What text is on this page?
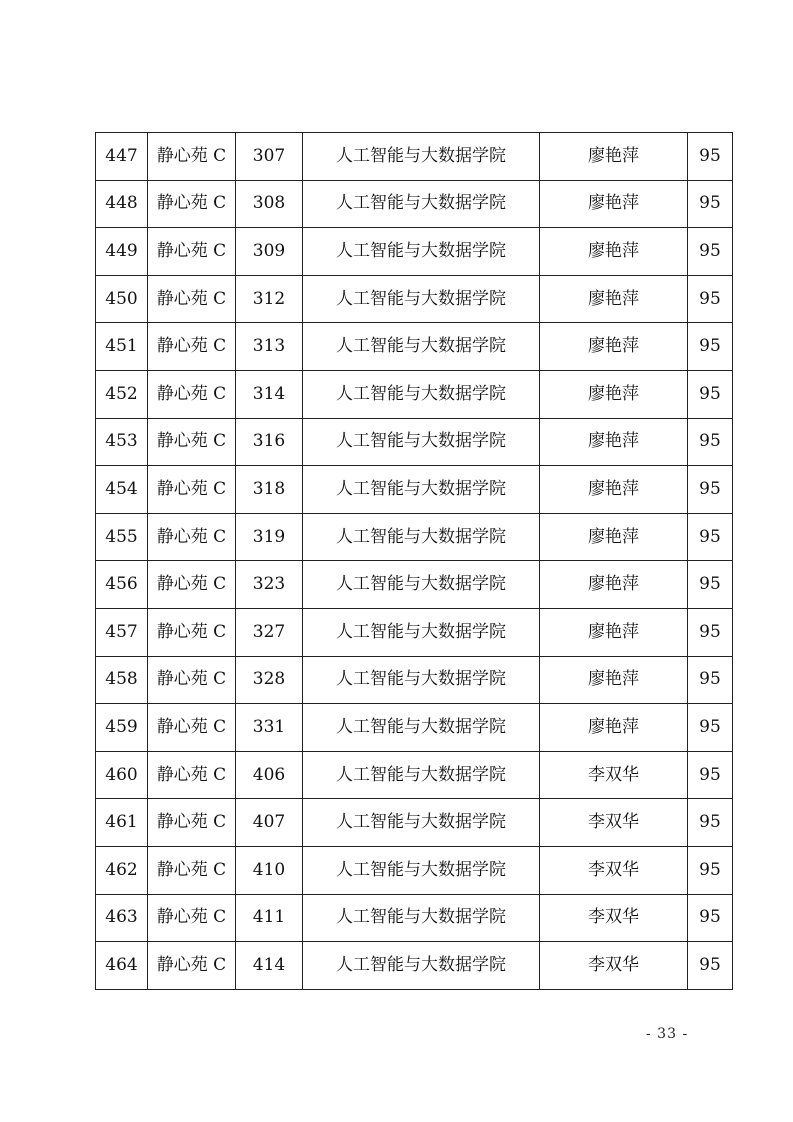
447	静心苑 C	307	人工智能与大数据学院	廖艳萍	95
448	静心苑 C	308	人工智能与大数据学院	廖艳萍	95
449	静心苑 C	309	人工智能与大数据学院	廖艳萍	95
450	静心苑 C	312	人工智能与大数据学院	廖艳萍	95
451	静心苑 C	313	人工智能与大数据学院	廖艳萍	95
452	静心苑 C	314	人工智能与大数据学院	廖艳萍	95
453	静心苑 C	316	人工智能与大数据学院	廖艳萍	95
454	静心苑 C	318	人工智能与大数据学院	廖艳萍	95
455	静心苑 C	319	人工智能与大数据学院	廖艳萍	95
456	静心苑 C	323	人工智能与大数据学院	廖艳萍	95
457	静心苑 C	327	人工智能与大数据学院	廖艳萍	95
458	静心苑 C	328	人工智能与大数据学院	廖艳萍	95
459	静心苑 C	331	人工智能与大数据学院	廖艳萍	95
460	静心苑 C	406	人工智能与大数据学院	李双华	95
461	静心苑 C	407	人工智能与大数据学院	李双华	95
462	静心苑 C	410	人工智能与大数据学院	李双华	95
463	静心苑 C	411	人工智能与大数据学院	李双华	95
464	静心苑 C	414	人工智能与大数据学院	李双华	95
- 33 -
